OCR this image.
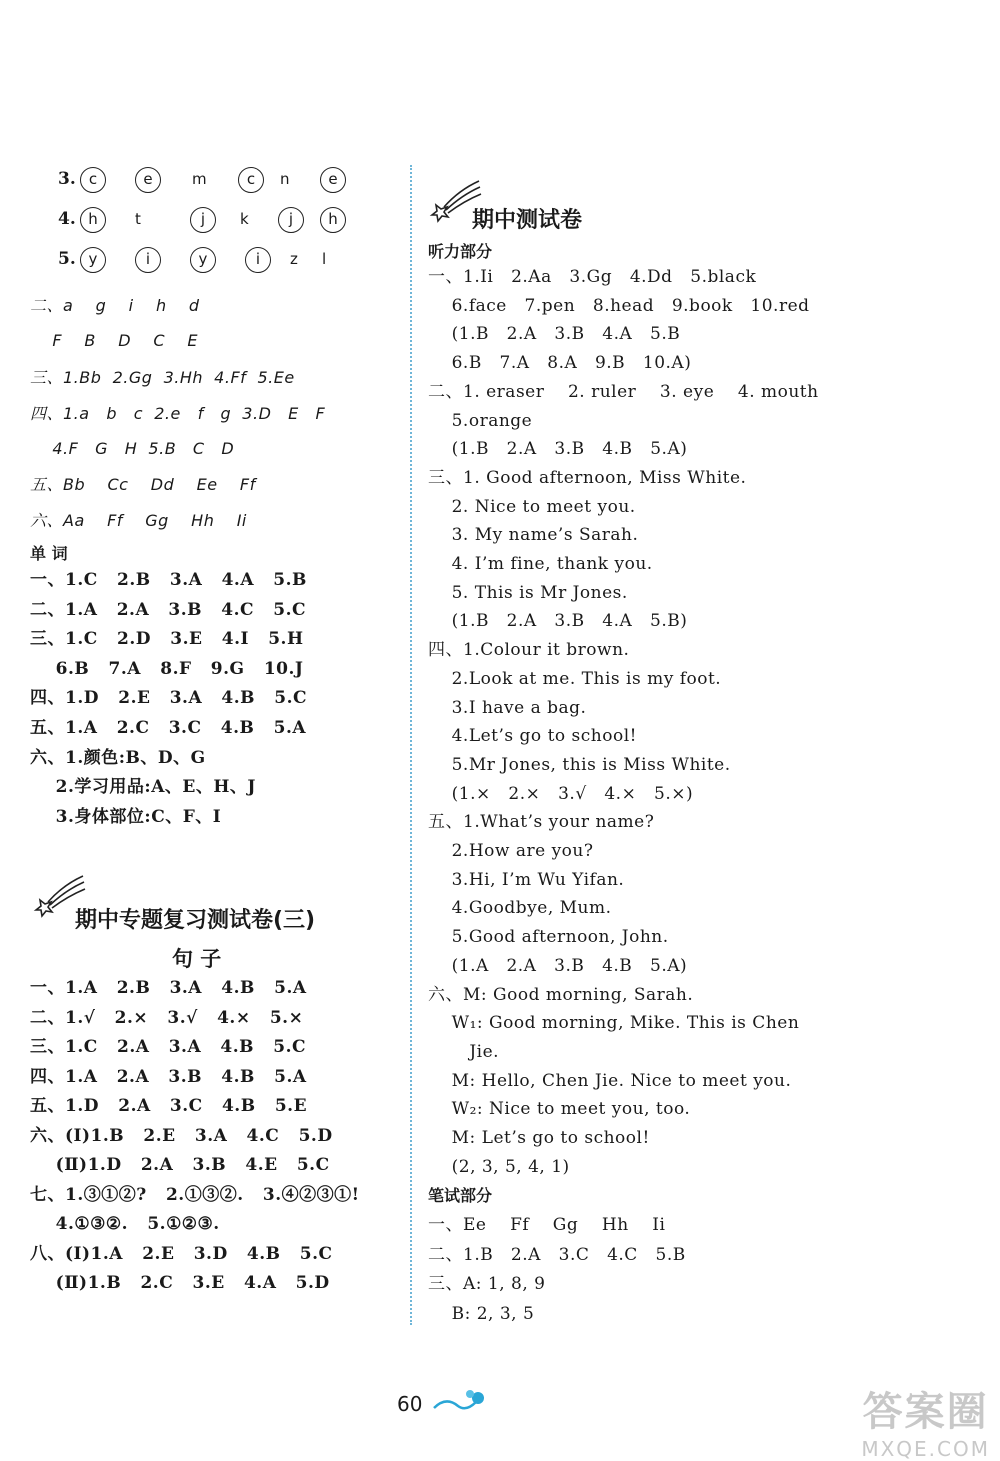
3. c	e	m	c	n	e
4. h	t	j	k	j	h
5. y	i	y	i	z l
二、a    g    i    h    d
F    B    D    C    E
三、1.Bb  2.Gg  3.Hh  4.Ff  5.Ee
四、1.a   b   c  2.e   f   g  3.D   E   F
4.F   G   H  5.B   C   D
五、Bb    Cc    Dd    Ee    Ff
六、Aa    Ff    Gg    Hh    Ii
单 词
一、1.C   2.B   3.A   4.A   5.B
二、1.A   2.A   3.B   4.C   5.C
三、1.C   2.D   3.E   4.I   5.H
6.B   7.A   8.F   9.G   10.J
四、1.D   2.E   3.A   4.B   5.C
五、1.A   2.C   3.C   4.B   5.A
六、1.颜色:B、D、G
2.学习用品:A、E、H、J
3.身体部位:C、F、I
期中专题复习测试卷(三)
句 子
一、1.A   2.B   3.A   4.B   5.A
二、1.√   2.×   3.√   4.×   5.×
三、1.C   2.A   3.A   4.B   5.C
四、1.A   2.A   3.B   4.B   5.A
五、1.D   2.A   3.C   4.B   5.E
六、(Ⅰ)1.B   2.E   3.A   4.C   5.D
(Ⅱ)1.D   2.A   3.B   4.E   5.C
七、1.③①②?   2.①③②.   3.④②③①!
4.①③②.   5.①②③.
八、(Ⅰ)1.A   2.E   3.D   4.B   5.C
(Ⅱ)1.B   2.C   3.E   4.A   5.D
期中测试卷
听力部分
一、1.Ii   2.Aa   3.Gg   4.Dd   5.black
6.face   7.pen   8.head   9.book   10.red
(1.B   2.A   3.B   4.A   5.B
6.B   7.A   8.A   9.B   10.A)
二、1. eraser    2. ruler    3. eye    4. mouth
5.orange
(1.B   2.A   3.B   4.B   5.A)
三、1. Good afternoon, Miss White.
2. Nice to meet you.
3. My name’s Sarah.
4. I’m fine, thank you.
5. This is Mr Jones.
(1.B   2.A   3.B   4.A   5.B)
四、1.Colour it brown.
2.Look at me. This is my foot.
3.I have a bag.
4.Let’s go to school!
5.Mr Jones, this is Miss White.
(1.×   2.×   3.√   4.×   5.×)
五、1.What’s your name?
2.How are you?
3.Hi, I’m Wu Yifan.
4.Goodbye, Mum.
5.Good afternoon, John.
(1.A   2.A   3.B   4.B   5.A)
六、M: Good morning, Sarah.
W₁: Good morning, Mike. This is Chen
Jie.
M: Hello, Chen Jie. Nice to meet you.
W₂: Nice to meet you, too.
M: Let’s go to school!
(2, 3, 5, 4, 1)
笔试部分
一、Ee    Ff    Gg    Hh    Ii
二、1.B   2.A   3.C   4.C   5.B
三、A: 1, 8, 9
B: 2, 3, 5
60	答案圈
MXQE.COM
